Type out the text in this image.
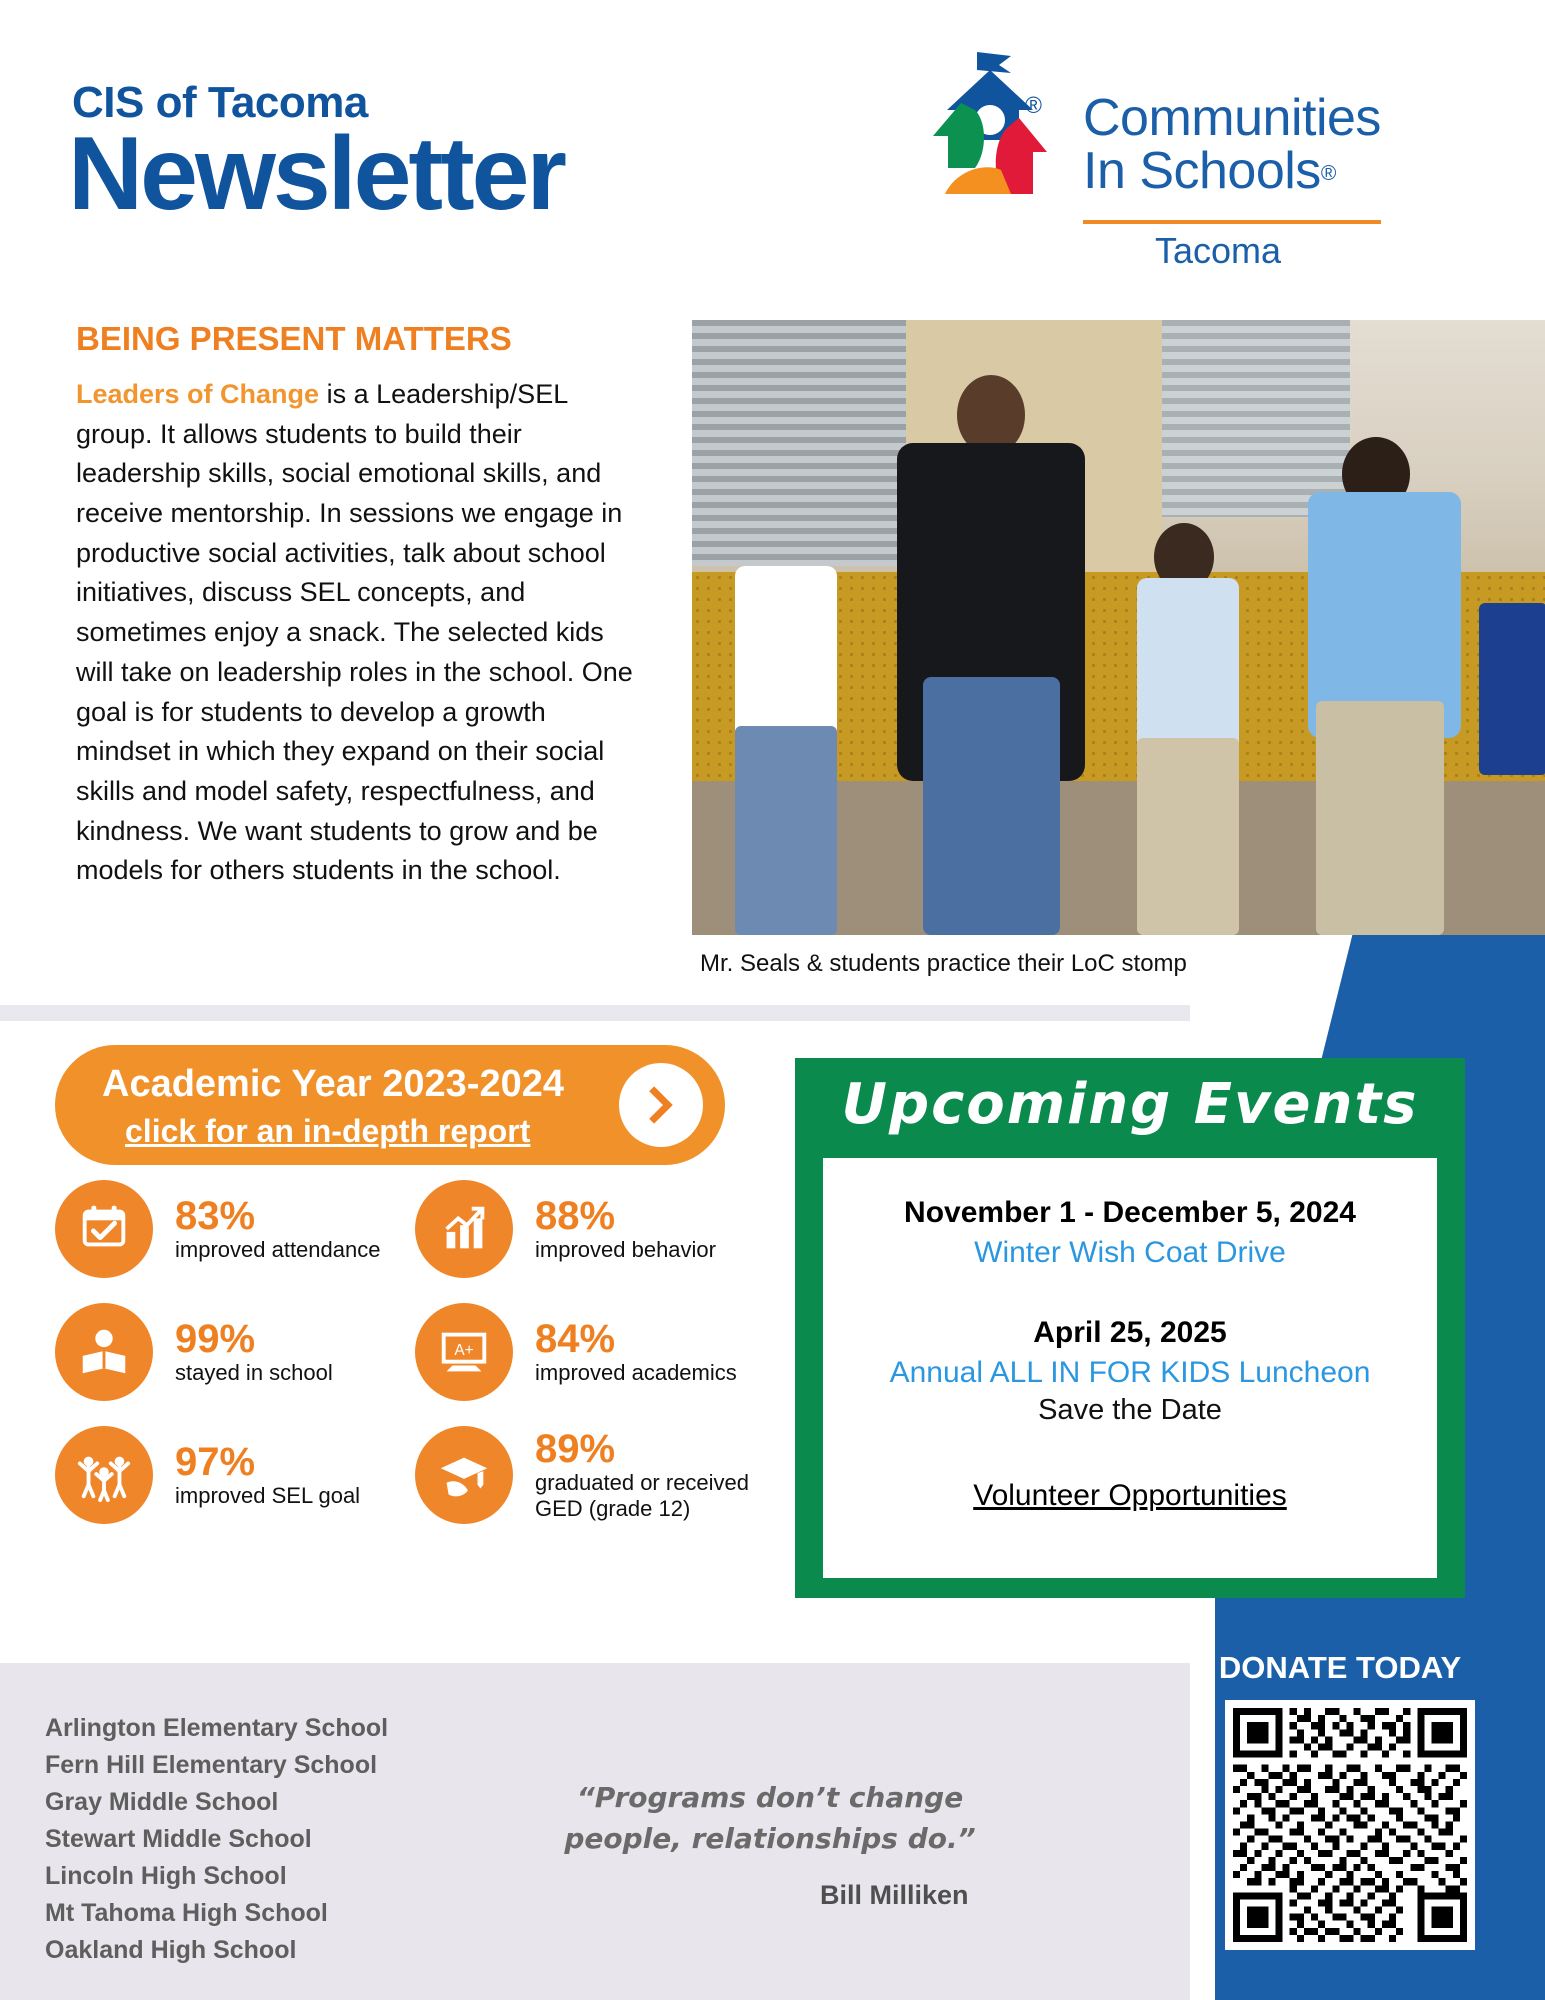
CIS of Tacoma
Newsletter
® Communities
In Schools®
Tacoma
BEING PRESENT MATTERS
Leaders of Change is a Leadership/SEL group. It allows students to build their leadership skills, social emotional skills, and receive mentorship. In sessions we engage in productive social activities, talk about school initiatives, discuss SEL concepts, and sometimes enjoy a snack. The selected kids will take on leadership roles in the school. One goal is for students to develop a growth mindset in which they expand on their social skills and model safety, respectfulness, and kindness. We want students to grow and be models for others students in the school.
Mr. Seals & students practice their LoC stomp
Academic Year 2023-2024
click for an in-depth report
83%
improved attendance
88%
improved behavior
99%
stayed in school
A+ 84%
improved academics
97%
improved SEL goal
89%
graduated or received GED (grade 12)
Upcoming Events
November 1 - December 5, 2024
Winter Wish Coat Drive
April 25, 2025
Annual ALL IN FOR KIDS Luncheon
Save the Date
Volunteer Opportunities
Arlington Elementary School
Fern Hill Elementary School
Gray Middle School
Stewart Middle School
Lincoln High School
Mt Tahoma High School
Oakland High School
“Programs don’t change people, relationships do.”
Bill Milliken
DONATE TODAY
